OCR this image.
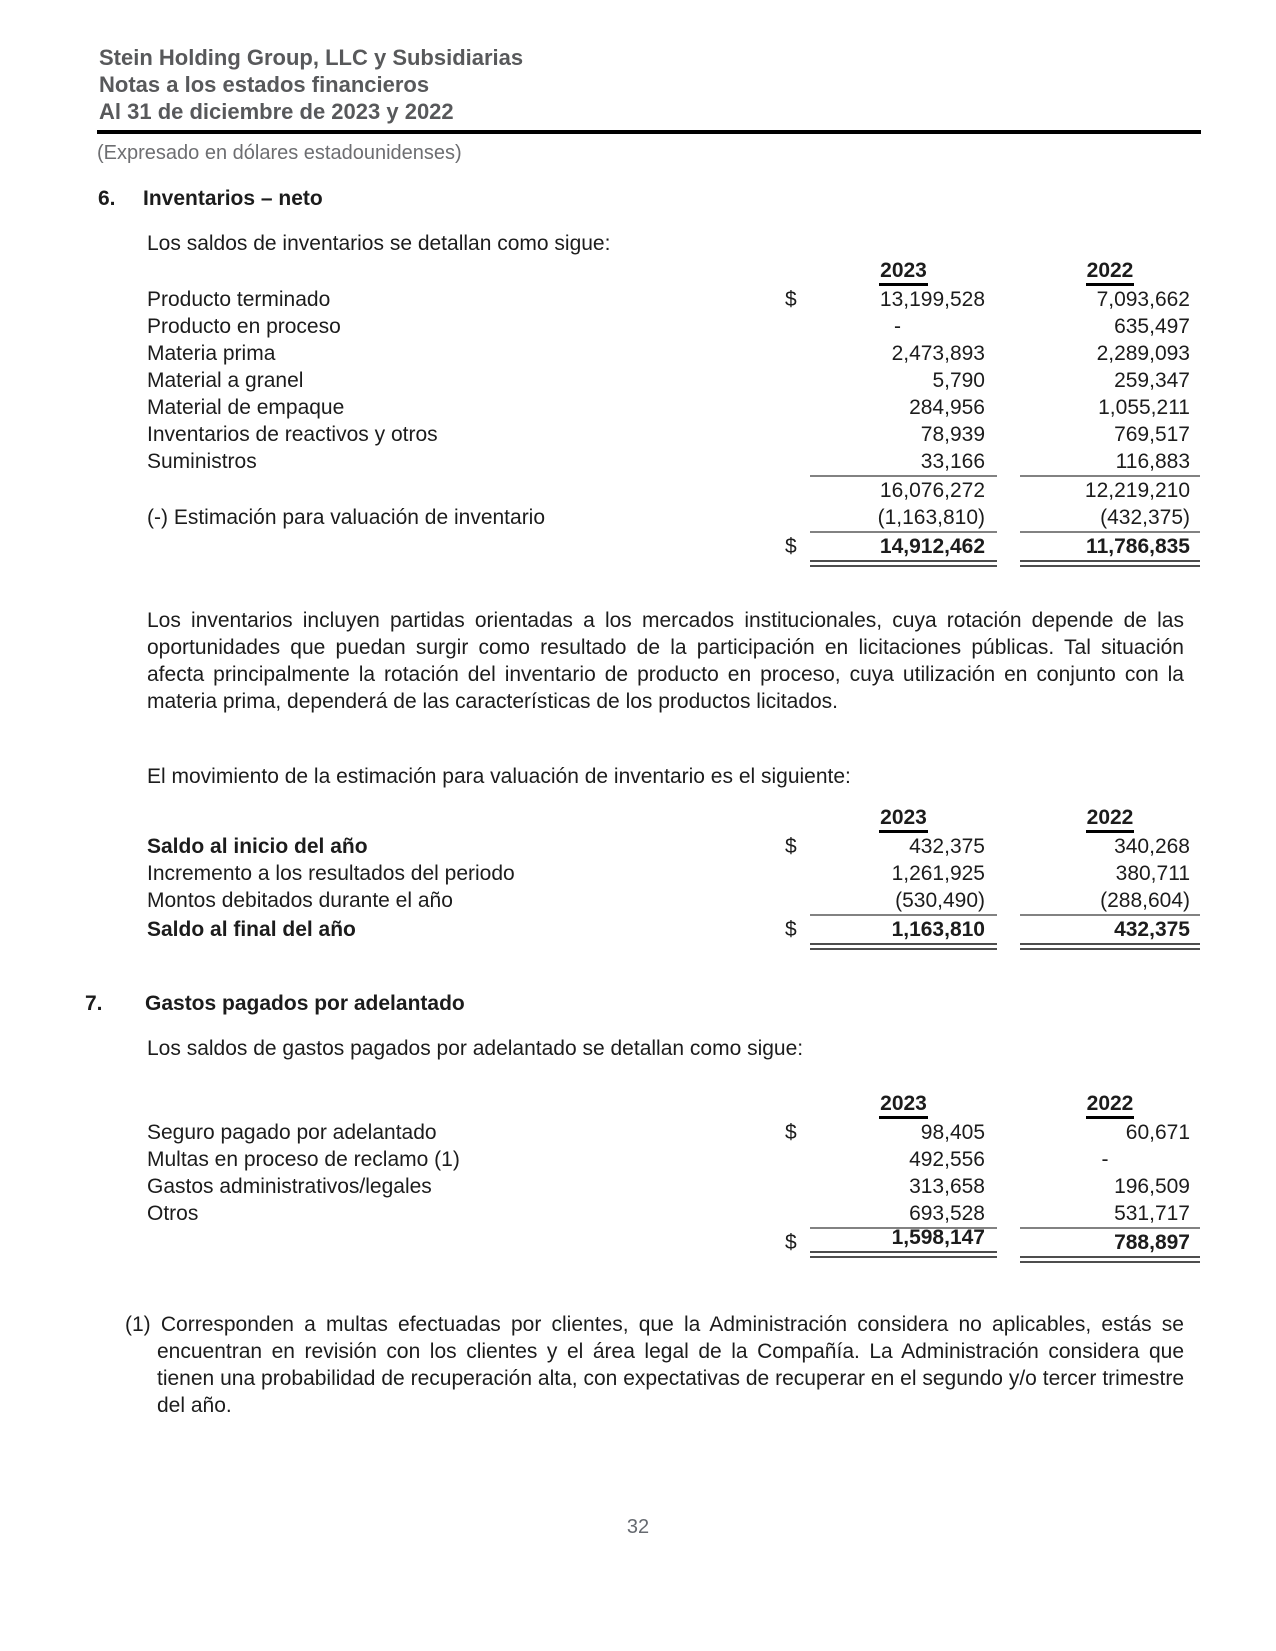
Stein Holding Group, LLC y Subsidiarias
Notas a los estados financieros
Al 31 de diciembre de 2023 y 2022
(Expresado en dólares estadounidenses)
6.	Inventarios – neto
Los saldos de inventarios se detallan como sigue:
2023	2022
Producto terminado	$	13,199,528	7,093,662
Producto en proceso	-	635,497
Materia prima	2,473,893	2,289,093
Material a granel	5,790	259,347
Material de empaque	284,956	1,055,211
Inventarios de reactivos y otros	78,939	769,517
Suministros	33,166	116,883
16,076,272	12,219,210
(-) Estimación para valuación de inventario	(1,163,810)	(432,375)
$	14,912,462	11,786,835
Los inventarios incluyen partidas orientadas a los mercados institucionales, cuya rotación depende de las oportunidades que puedan surgir como resultado de la participación en licitaciones públicas. Tal situación afecta principalmente la rotación del inventario de producto en proceso, cuya utilización en conjunto con la materia prima, dependerá de las características de los productos licitados.
El movimiento de la estimación para valuación de inventario es el siguiente:
2023	2022
Saldo al inicio del año	$	432,375	340,268
Incremento a los resultados del periodo	1,261,925	380,711
Montos debitados durante el año	(530,490)	(288,604)
Saldo al final del año	$	1,163,810	432,375
7.	Gastos pagados por adelantado
Los saldos de gastos pagados por adelantado se detallan como sigue:
2023	2022
Seguro pagado por adelantado	$	98,405	60,671
Multas en proceso de reclamo (1)	492,556	-
Gastos administrativos/legales	313,658	196,509
Otros	693,528	531,717
$	1,598,147	788,897
(1) Corresponden a multas efectuadas por clientes, que la Administración considera no aplicables, estás se encuentran en revisión con los clientes y el área legal de la Compañía. La Administración considera que tienen una probabilidad de recuperación alta, con expectativas de recuperar en el segundo y/o tercer trimestre del año.
32
